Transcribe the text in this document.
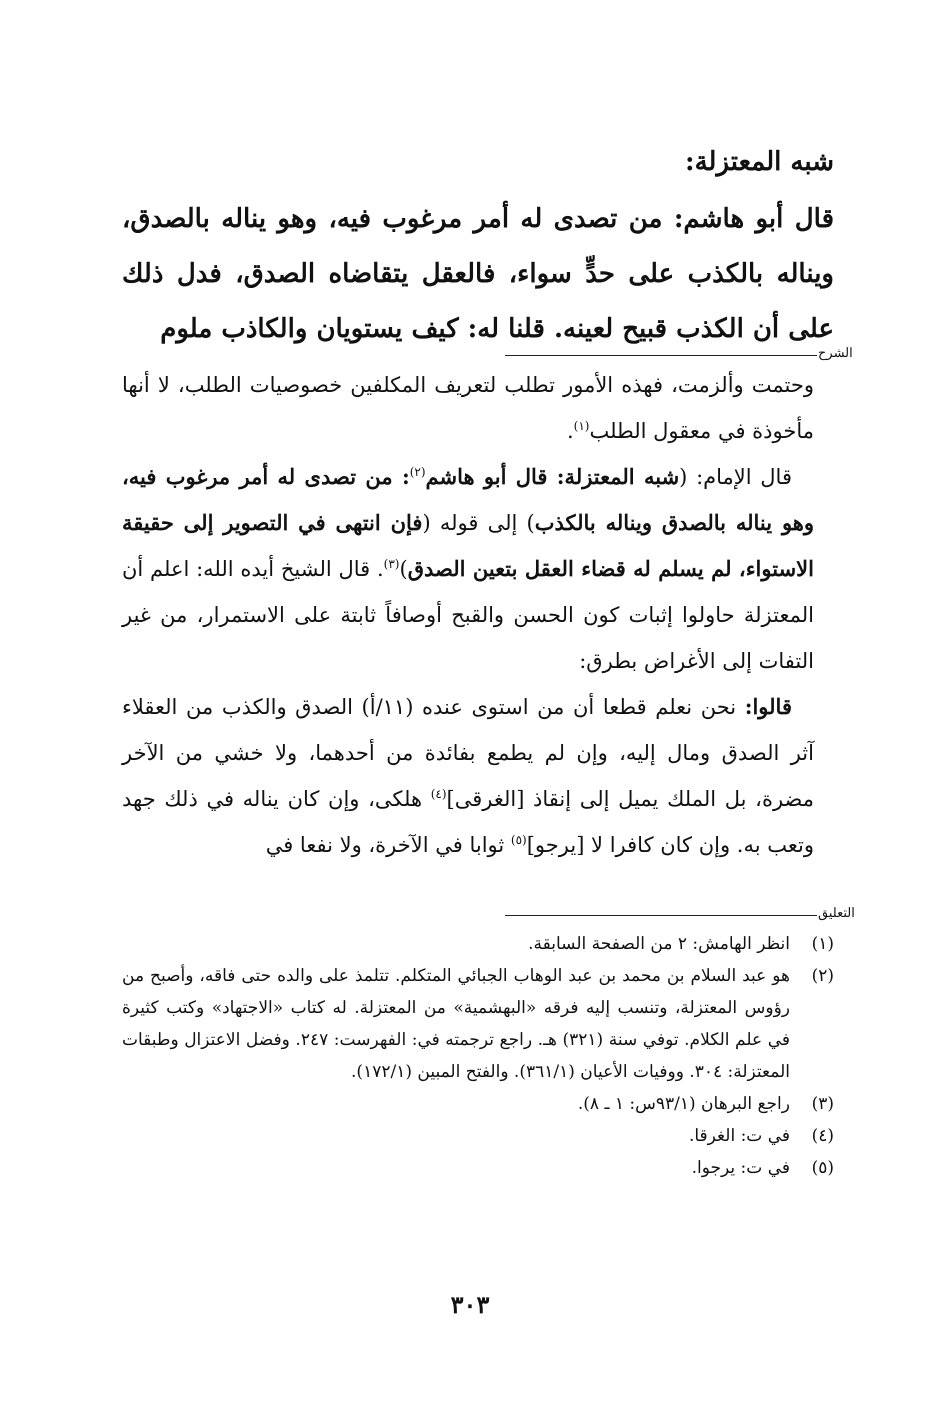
شبه المعتزلة:

قال أبو هاشم: من تصدى له أمر مرغوب فيه، وهو يناله بالصدق، ويناله بالكذب على حدٍّ سواء، فالعقل يتقاضاه الصدق، فدل ذلك على أن الكذب قبيح لعينه. قلنا له: كيف يستويان والكاذب ملوم

الشرح

وحتمت وألزمت، فهذه الأمور تطلب لتعريف المكلفين خصوصيات الطلب، لا أنها مأخوذة في معقول الطلب$^{(١)}$.

قال الإمام: (شبه المعتزلة: قال أبو هاشم$^{(٢)}$: من تصدى له أمر مرغوب فيه، وهو يناله بالصدق ويناله بالكذب) إلى قوله (فإن انتهى في التصوير إلى حقيقة الاستواء، لم يسلم له قضاء العقل بتعين الصدق)$^{(٣)}$. قال الشيخ أيده الله: اعلم أن المعتزلة حاولوا إثبات كون الحسن والقبح أوصافاً ثابتة على الاستمرار، من غير التفات إلى الأغراض بطرق:

قالوا: نحن نعلم قطعا أن من استوى عنده (١١/أ) الصدق والكذب من العقلاء آثر الصدق ومال إليه، وإن لم يطمع بفائدة من أحدهما، ولا خشي من الآخر مضرة، بل الملك يميل إلى إنقاذ [الغرقى]$^{(٤)}$ هلكى، وإن كان يناله في ذلك جهد وتعب به. وإن كان كافرا لا [يرجو]$^{(٥)}$ ثوابا في الآخرة، ولا نفعا في

التعليق
(١)
انظر الهامش: ٢ من الصفحة السابقة.
(٢)
هو عبد السلام بن محمد بن عبد الوهاب الجبائي المتكلم. تتلمذ على والده حتى فاقه، وأصبح من رؤوس المعتزلة، وتنسب إليه فرقه «البهشمية» من المعتزلة. له كتاب «الاجتهاد» وكتب كثيرة في علم الكلام. توفي سنة (٣٢١) هـ. راجع ترجمته في: الفهرست: ٢٤٧. وفضل الاعتزال وطبقات المعتزلة: ٣٠٤. ووفيات الأعيان (٣٦١/١). والفتح المبين (١٧٢/١).
(٣)
راجع البرهان (٩٣/١س: ١ ـ ٨).
(٤)
في ت: الغرقا.
(٥)
في ت: يرجوا.
٣٠٣
